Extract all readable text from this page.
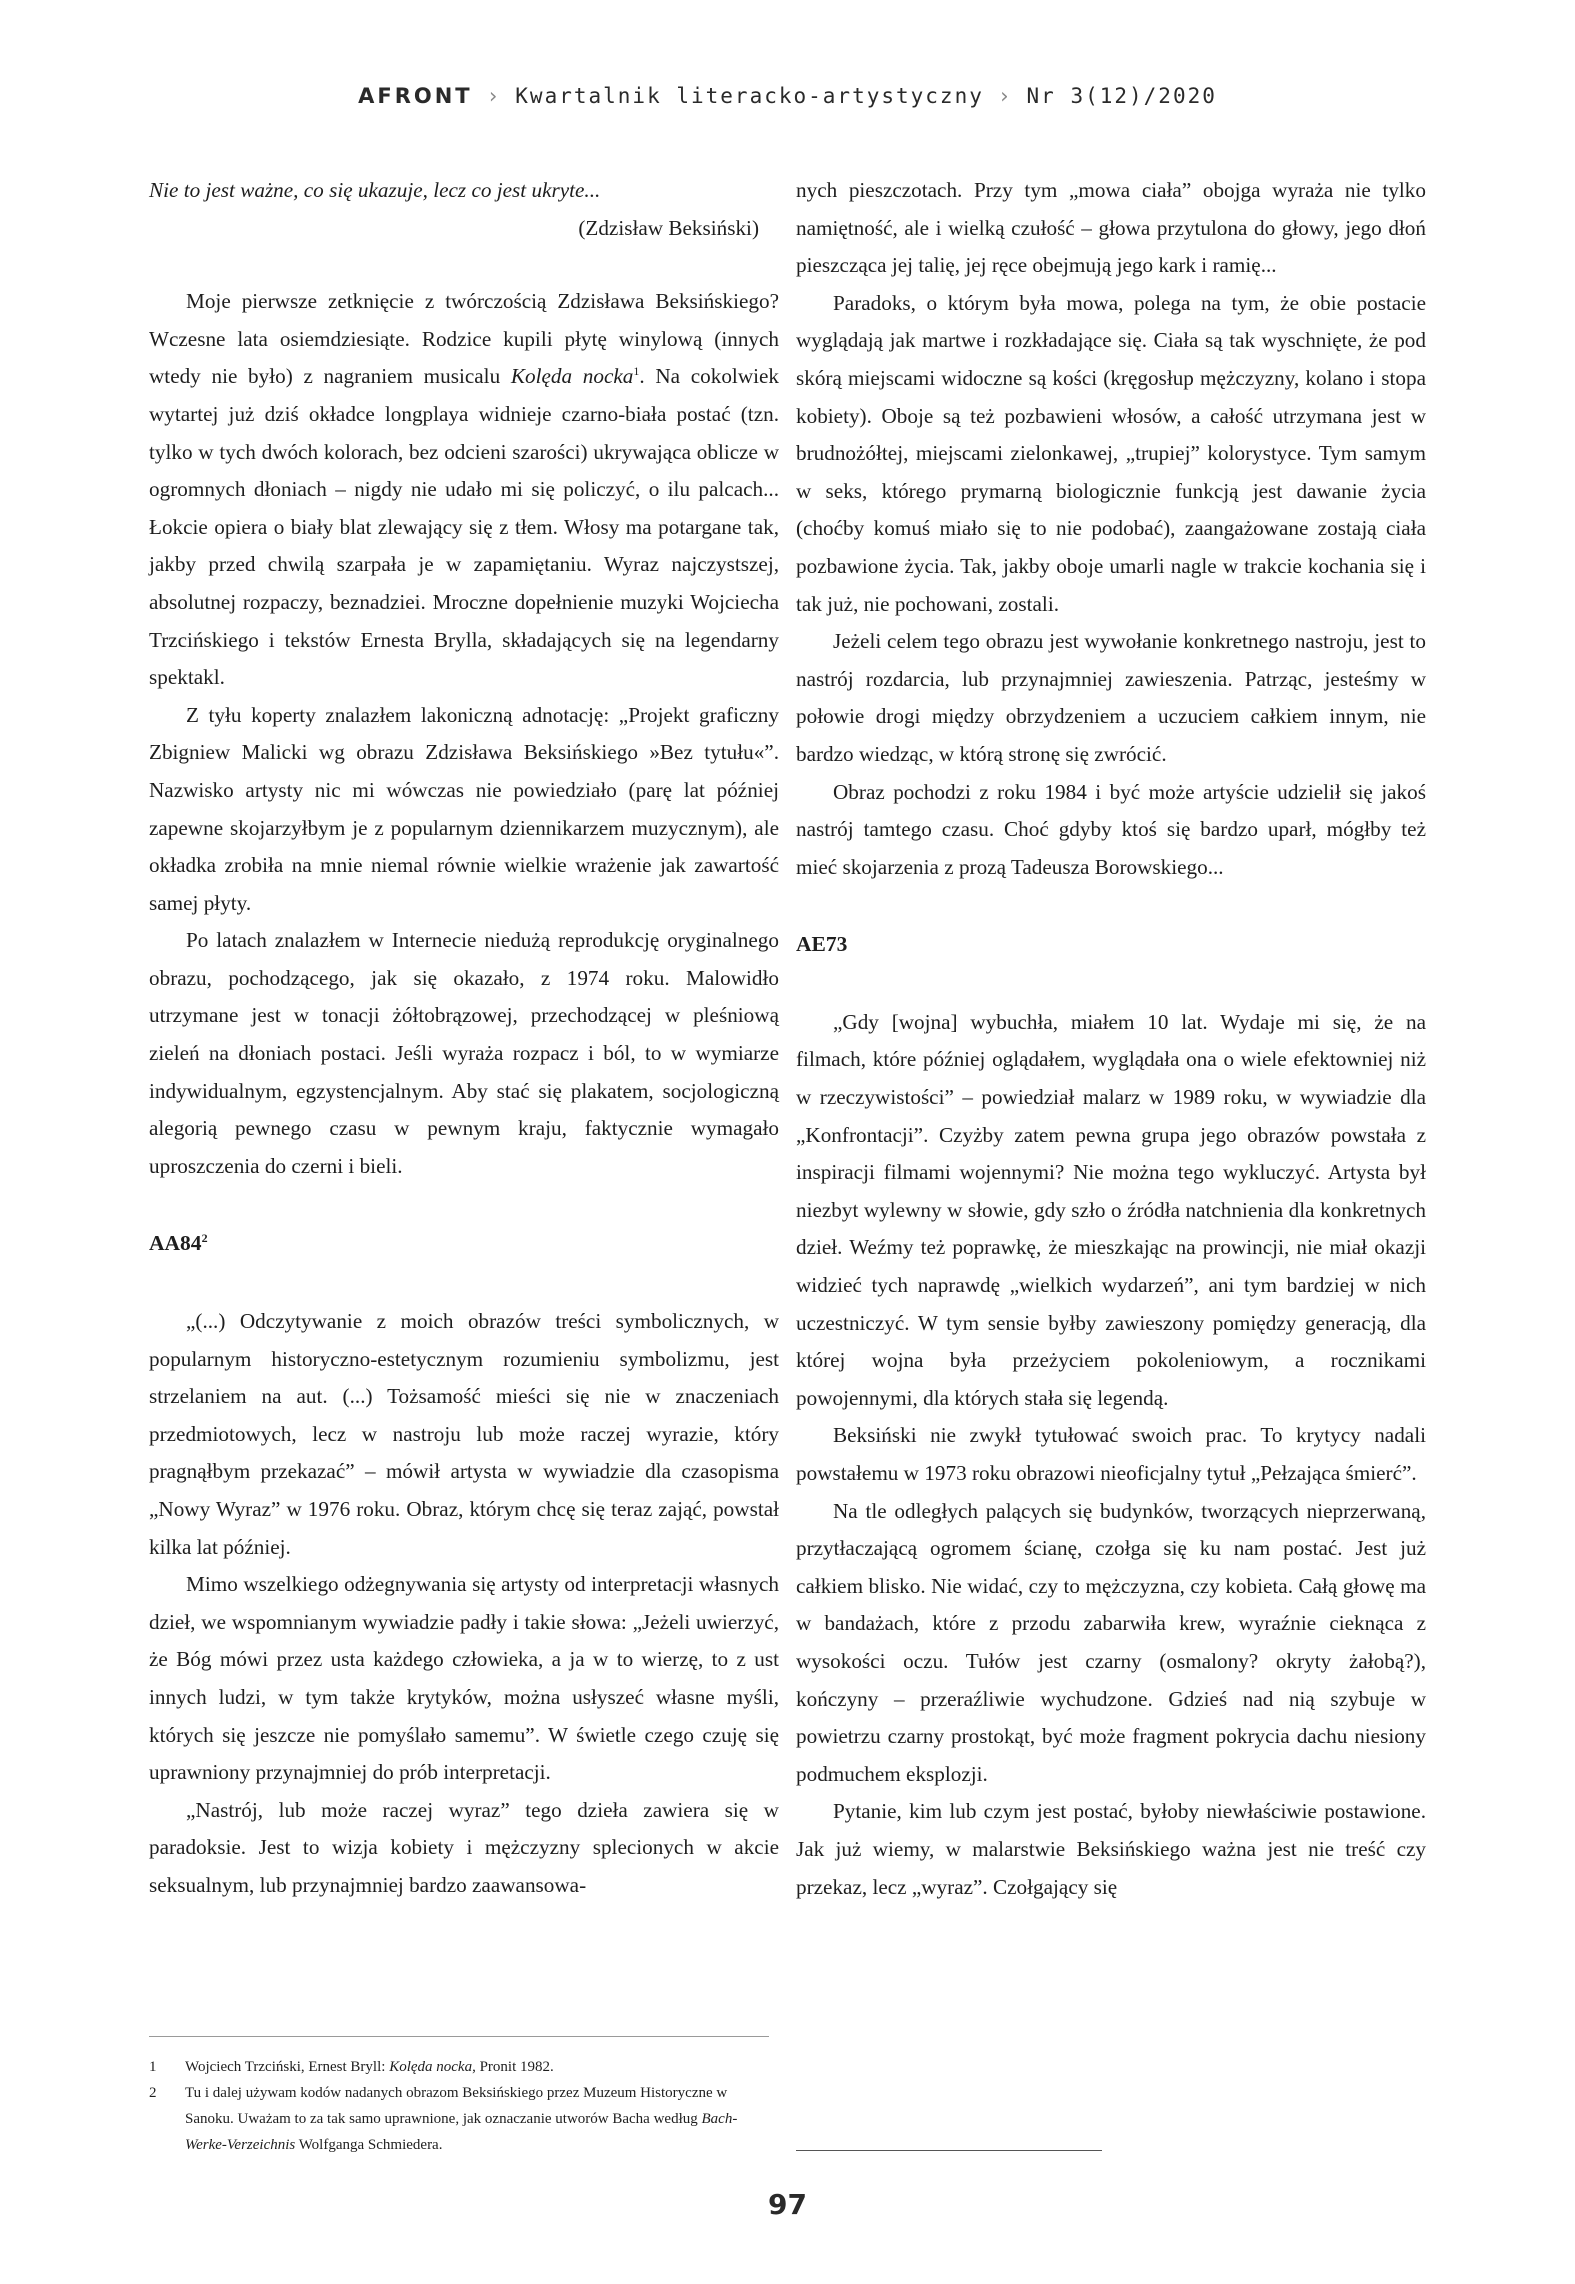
AFRONT › Kwartalnik literacko-artystyczny › Nr 3(12)/2020

Nie to jest ważne, co się ukazuje, lecz co jest ukryte...

(Zdzisław Beksiński)

Moje pierwsze zetknięcie z twórczością Zdzisława Beksińskiego? Wczesne lata osiemdziesiąte. Rodzice kupili płytę winylową (innych wtedy nie było) z nagraniem musicalu Kolęda nocka$^1$. Na cokolwiek wytartej już dziś okładce longplaya widnieje czarno-biała postać (tzn. tylko w tych dwóch kolorach, bez odcieni szarości) ukrywająca oblicze w ogromnych dłoniach – nigdy nie udało mi się policzyć, o ilu palcach... Łokcie opiera o biały blat zlewający się z tłem. Włosy ma potargane tak, jakby przed chwilą szarpała je w zapamiętaniu. Wyraz najczystszej, absolutnej rozpaczy, beznadziei. Mroczne dopełnienie muzyki Wojciecha Trzcińskiego i tekstów Ernesta Brylla, składających się na legendarny spektakl.

Z tyłu koperty znalazłem lakoniczną adnotację: „Projekt graficzny Zbigniew Malicki wg obrazu Zdzisława Beksińskiego »Bez tytułu«”. Nazwisko artysty nic mi wówczas nie powiedziało (parę lat później zapewne skojarzyłbym je z popularnym dziennikarzem muzycznym), ale okładka zrobiła na mnie niemal równie wielkie wrażenie jak zawartość samej płyty.

Po latach znalazłem w Internecie niedużą reprodukcję oryginalnego obrazu, pochodzącego, jak się okazało, z 1974 roku. Malowidło utrzymane jest w tonacji żółtobrązowej, przechodzącej w pleśniową zieleń na dłoniach postaci. Jeśli wyraża rozpacz i ból, to w wymiarze indywidualnym, egzystencjalnym. Aby stać się plakatem, socjologiczną alegorią pewnego czasu w pewnym kraju, faktycznie wymagało uproszczenia do czerni i bieli.

$AA84^2$

„(...) Odczytywanie z moich obrazów treści symbolicznych, w popularnym historyczno-estetycznym rozumieniu symbolizmu, jest strzelaniem na aut. (...) Tożsamość mieści się nie w znaczeniach przedmiotowych, lecz w nastroju lub może raczej wyrazie, który pragnąłbym przekazać” – mówił artysta w wywiadzie dla czasopisma „Nowy Wyraz” w 1976 roku. Obraz, którym chcę się teraz zająć, powstał kilka lat później.

Mimo wszelkiego odżegnywania się artysty od interpretacji własnych dzieł, we wspomnianym wywiadzie padły i takie słowa: „Jeżeli uwierzyć, że Bóg mówi przez usta każdego człowieka, a ja w to wierzę, to z ust innych ludzi, w tym także krytyków, można usłyszeć własne myśli, których się jeszcze nie pomyślało samemu”. W świetle czego czuję się uprawniony przynajmniej do prób interpretacji.

„Nastrój, lub może raczej wyraz” tego dzieła zawiera się w paradoksie. Jest to wizja kobiety i mężczyzny splecionych w akcie seksualnym, lub przynajmniej bardzo zaawansowa-

nych pieszczotach. Przy tym „mowa ciała” obojga wyraża nie tylko namiętność, ale i wielką czułość – głowa przytulona do głowy, jego dłoń pieszcząca jej talię, jej ręce obejmują jego kark i ramię...

Paradoks, o którym była mowa, polega na tym, że obie postacie wyglądają jak martwe i rozkładające się. Ciała są tak wyschnięte, że pod skórą miejscami widoczne są kości (kręgosłup mężczyzny, kolano i stopa kobiety). Oboje są też pozbawieni włosów, a całość utrzymana jest w brudnożółtej, miejscami zielonkawej, „trupiej” kolorystyce. Tym samym w seks, którego prymarną biologicznie funkcją jest dawanie życia (choćby komuś miało się to nie podobać), zaangażowane zostają ciała pozbawione życia. Tak, jakby oboje umarli nagle w trakcie kochania się i tak już, nie pochowani, zostali.

Jeżeli celem tego obrazu jest wywołanie konkretnego nastroju, jest to nastrój rozdarcia, lub przynajmniej zawieszenia. Patrząc, jesteśmy w połowie drogi między obrzydzeniem a uczuciem całkiem innym, nie bardzo wiedząc, w którą stronę się zwrócić.

Obraz pochodzi z roku 1984 i być może artyście udzielił się jakoś nastrój tamtego czasu. Choć gdyby ktoś się bardzo uparł, mógłby też mieć skojarzenia z prozą Tadeusza Borowskiego...

AE73

„Gdy [wojna] wybuchła, miałem 10 lat. Wydaje mi się, że na filmach, które później oglądałem, wyglądała ona o wiele efektowniej niż w rzeczywistości” – powiedział malarz w 1989 roku, w wywiadzie dla „Konfrontacji”. Czyżby zatem pewna grupa jego obrazów powstała z inspiracji filmami wojennymi? Nie można tego wykluczyć. Artysta był niezbyt wylewny w słowie, gdy szło o źródła natchnienia dla konkretnych dzieł. Weźmy też poprawkę, że mieszkając na prowincji, nie miał okazji widzieć tych naprawdę „wielkich wydarzeń”, ani tym bardziej w nich uczestniczyć. W tym sensie byłby zawieszony pomiędzy generacją, dla której wojna była przeżyciem pokoleniowym, a rocznikami powojennymi, dla których stała się legendą.

Beksiński nie zwykł tytułować swoich prac. To krytycy nadali powstałemu w 1973 roku obrazowi nieoficjalny tytuł „Pełzająca śmierć”.

Na tle odległych palących się budynków, tworzących nieprzerwaną, przytłaczającą ogromem ścianę, czołga się ku nam postać. Jest już całkiem blisko. Nie widać, czy to mężczyzna, czy kobieta. Całą głowę ma w bandażach, które z przodu zabarwiła krew, wyraźnie cieknąca z wysokości oczu. Tułów jest czarny (osmalony? okryty żałobą?), kończyny – przeraźliwie wychudzone. Gdzieś nad nią szybuje w powietrzu czarny prostokąt, być może fragment pokrycia dachu niesiony podmuchem eksplozji.

Pytanie, kim lub czym jest postać, byłoby niewłaściwie postawione. Jak już wiemy, w malarstwie Beksińskiego ważna jest nie treść czy przekaz, lecz „wyraz”. Czołgający się

1	Wojciech Trzciński, Ernest Bryll: Kolęda nocka, Pronit 1982.

2	Tu i dalej używam kodów nadanych obrazom Beksińskiego przez Muzeum Historyczne w Sanoku. Uważam to za tak samo uprawnione, jak oznaczanie utworów Bacha według Bach-Werke-Verzeichnis Wolfganga Schmiedera.

97
